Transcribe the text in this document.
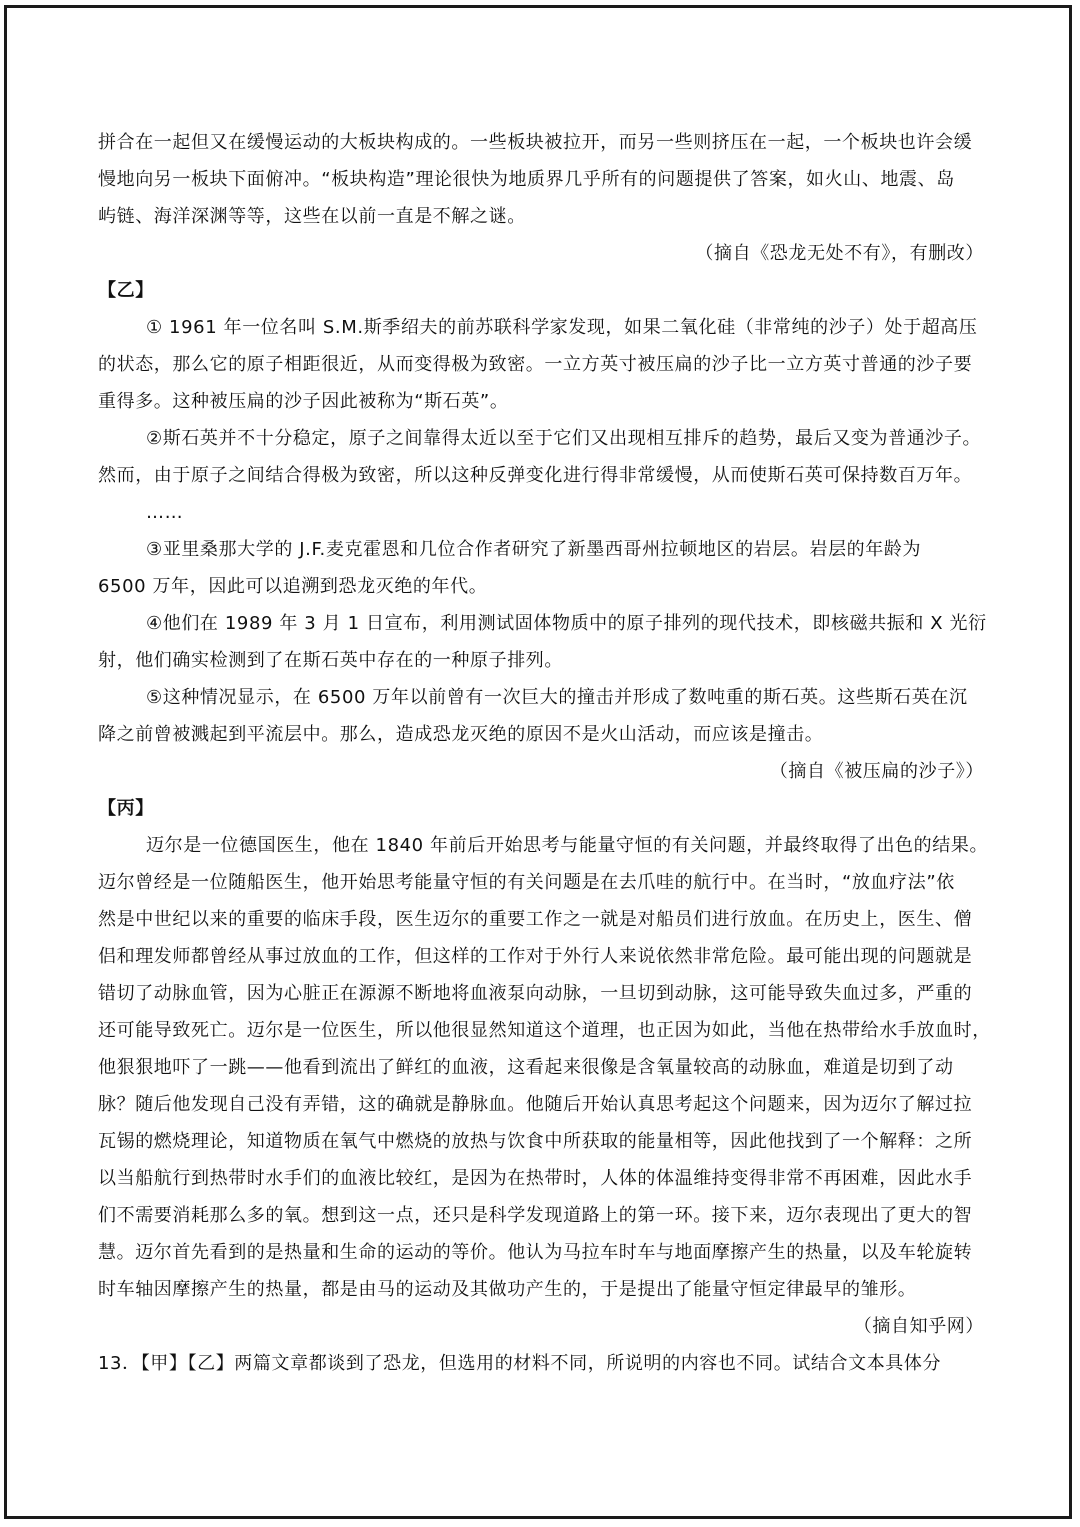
拼合在一起但又在缓慢运动的大板块构成的。一些板块被拉开，而另一些则挤压在一起，一个板块也许会缓
慢地向另一板块下面俯冲。“板块构造”理论很快为地质界几乎所有的问题提供了答案，如火山、地震、岛
屿链、海洋深渊等等，这些在以前一直是不解之谜。
（摘自《恐龙无处不有》，有删改）
【乙】
① 1961 年一位名叫 S.M.斯季绍夫的前苏联科学家发现，如果二氧化硅（非常纯的沙子）处于超高压
的状态，那么它的原子相距很近，从而变得极为致密。一立方英寸被压扁的沙子比一立方英寸普通的沙子要
重得多。这种被压扁的沙子因此被称为“斯石英”。
②斯石英并不十分稳定，原子之间靠得太近以至于它们又出现相互排斥的趋势，最后又变为普通沙子。
然而，由于原子之间结合得极为致密，所以这种反弹变化进行得非常缓慢，从而使斯石英可保持数百万年。
……
③亚里桑那大学的 J.F.麦克霍恩和几位合作者研究了新墨西哥州拉顿地区的岩层。岩层的年龄为
6500 万年，因此可以追溯到恐龙灭绝的年代。
④他们在 1989 年 3 月 1 日宣布，利用测试固体物质中的原子排列的现代技术，即核磁共振和 X 光衍
射，他们确实检测到了在斯石英中存在的一种原子排列。
⑤这种情况显示，在 6500 万年以前曾有一次巨大的撞击并形成了数吨重的斯石英。这些斯石英在沉
降之前曾被溅起到平流层中。那么，造成恐龙灭绝的原因不是火山活动，而应该是撞击。
（摘自《被压扁的沙子》）
【丙】
迈尔是一位德国医生，他在 1840 年前后开始思考与能量守恒的有关问题，并最终取得了出色的结果。
迈尔曾经是一位随船医生，他开始思考能量守恒的有关问题是在去爪哇的航行中。在当时，“放血疗法”依
然是中世纪以来的重要的临床手段，医生迈尔的重要工作之一就是对船员们进行放血。在历史上，医生、僧
侣和理发师都曾经从事过放血的工作，但这样的工作对于外行人来说依然非常危险。最可能出现的问题就是
错切了动脉血管，因为心脏正在源源不断地将血液泵向动脉，一旦切到动脉，这可能导致失血过多，严重的
还可能导致死亡。迈尔是一位医生，所以他很显然知道这个道理，也正因为如此，当他在热带给水手放血时，
他狠狠地吓了一跳——他看到流出了鲜红的血液，这看起来很像是含氧量较高的动脉血，难道是切到了动
脉？随后他发现自己没有弄错，这的确就是静脉血。他随后开始认真思考起这个问题来，因为迈尔了解过拉
瓦锡的燃烧理论，知道物质在氧气中燃烧的放热与饮食中所获取的能量相等，因此他找到了一个解释：之所
以当船航行到热带时水手们的血液比较红，是因为在热带时，人体的体温维持变得非常不再困难，因此水手
们不需要消耗那么多的氧。想到这一点，还只是科学发现道路上的第一环。接下来，迈尔表现出了更大的智
慧。迈尔首先看到的是热量和生命的运动的等价。他认为马拉车时车与地面摩擦产生的热量，以及车轮旋转
时车轴因摩擦产生的热量，都是由马的运动及其做功产生的，于是提出了能量守恒定律最早的雏形。
（摘自知乎网）
13．【甲】【乙】两篇文章都谈到了恐龙，但选用的材料不同，所说明的内容也不同。试结合文本具体分
